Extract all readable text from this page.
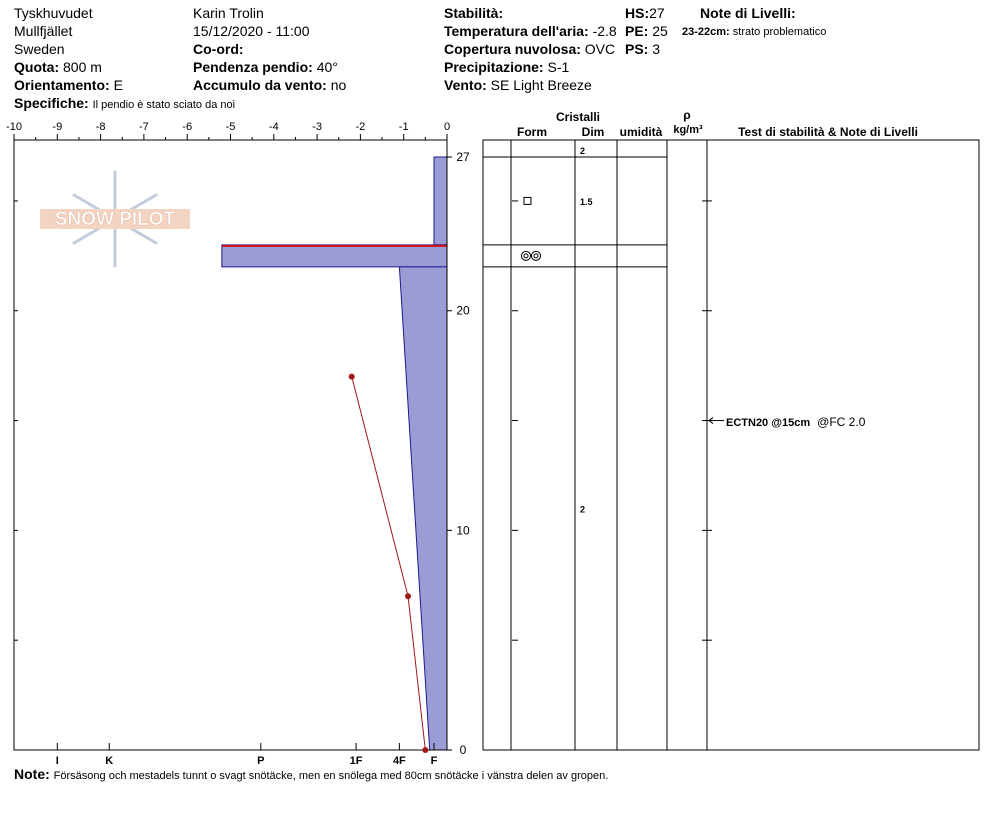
Tyskhuvudet
Mullfjället
Sweden
Quota: 800 m
Orientamento: E
Specifiche: Il pendio è stato sciato da noi
Karin Trolin
15/12/2020 - 11:00
Co-ord:
Pendenza pendio: 40°
Accumulo da vento: no
Stabilità:
Temperatura dell'aria: -2.8
Copertura nuvolosa: OVC
Precipitazione: S-1
Vento: SE Light Breeze
HS:27
PE: 25
PS: 3
Note di Livelli:
23-22cm: strato problematico
Cristalli
Form	Dim	umidità
ρ
kg/m³	Test di stabilità & Note di Livelli
SNOW PILOT
-10	-9	-8	-7	-6	-5	-4	-3	-2	-1	0
0
10
20
27
I	K	P	1F	4F F
2
1.5
2
ECTN20 @15cm @FC 2.0
Note: Försäsong och mestadels tunnt o svagt snötäcke, men en snölega med 80cm snötäcke i vänstra delen av gropen.
